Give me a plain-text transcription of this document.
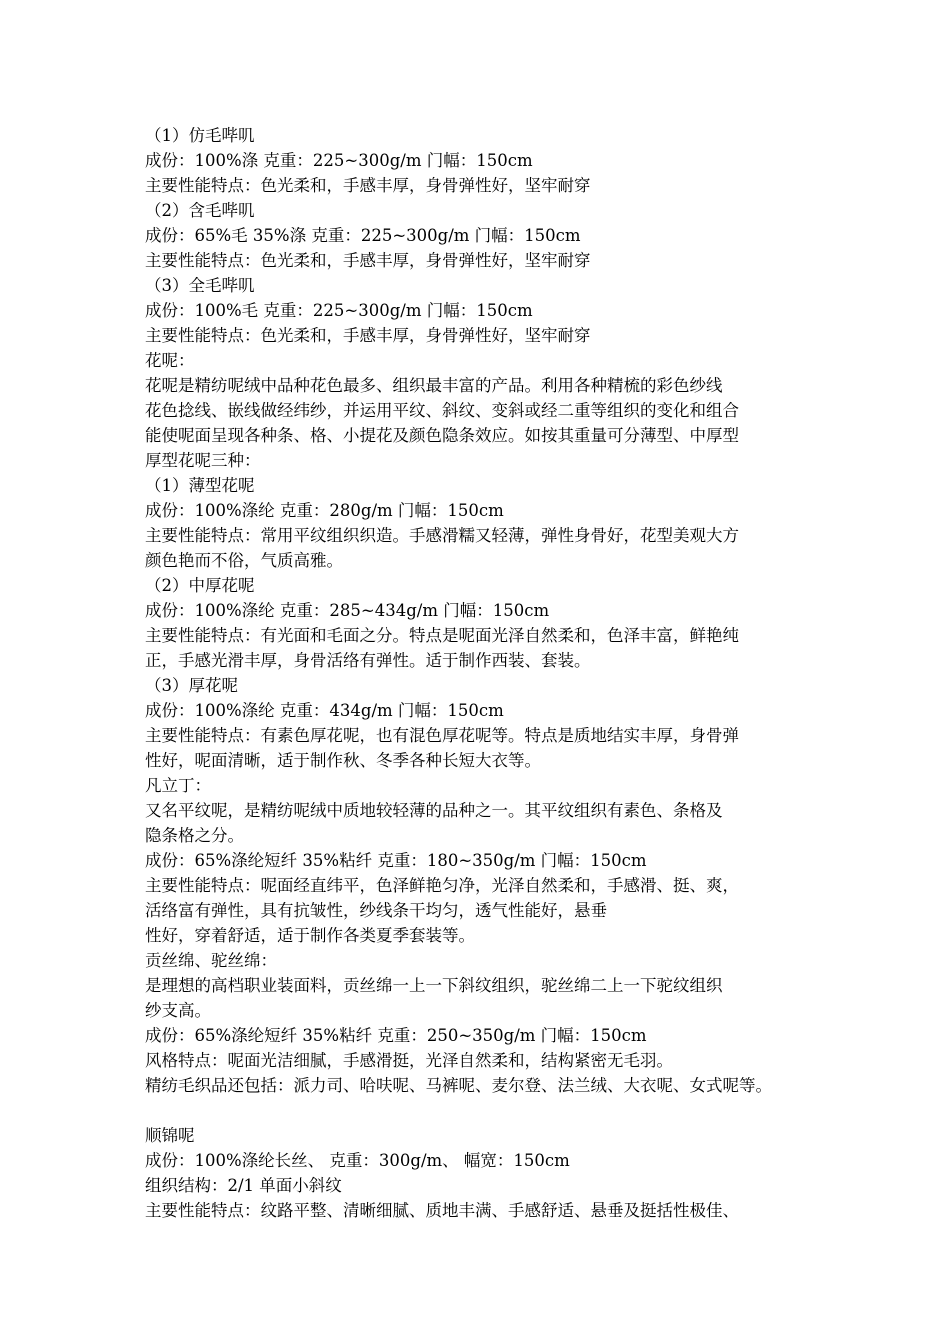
（1）仿毛哔叽
成份：100%涤 克重：225~300g/m 门幅：150cm
主要性能特点：色光柔和，手感丰厚，身骨弹性好，坚牢耐穿
（2）含毛哔叽
成份：65%毛 35%涤 克重：225~300g/m 门幅：150cm
主要性能特点：色光柔和，手感丰厚，身骨弹性好，坚牢耐穿
（3）全毛哔叽
成份：100%毛 克重：225~300g/m 门幅：150cm
主要性能特点：色光柔和，手感丰厚，身骨弹性好，坚牢耐穿
花呢：
花呢是精纺呢绒中品种花色最多、组织最丰富的产品。利用各种精梳的彩色纱线
花色捻线、嵌线做经纬纱，并运用平纹、斜纹、变斜或经二重等组织的变化和组合
能使呢面呈现各种条、格、小提花及颜色隐条效应。如按其重量可分薄型、中厚型
厚型花呢三种：
（1）薄型花呢
成份：100%涤纶 克重：280g/m 门幅：150cm
主要性能特点：常用平纹组织织造。手感滑糯又轻薄，弹性身骨好，花型美观大方
颜色艳而不俗，气质高雅。
（2）中厚花呢
成份：100%涤纶 克重：285~434g/m 门幅：150cm
主要性能特点：有光面和毛面之分。特点是呢面光泽自然柔和，色泽丰富，鲜艳纯
正，手感光滑丰厚，身骨活络有弹性。适于制作西装、套装。
（3）厚花呢
成份：100%涤纶 克重：434g/m 门幅：150cm
主要性能特点：有素色厚花呢，也有混色厚花呢等。特点是质地结实丰厚，身骨弹
性好，呢面清晰，适于制作秋、冬季各种长短大衣等。
凡立丁：
又名平纹呢，是精纺呢绒中质地较轻薄的品种之一。其平纹组织有素色、条格及
隐条格之分。
成份：65%涤纶短纤 35%粘纤 克重：180~350g/m 门幅：150cm
主要性能特点：呢面经直纬平，色泽鲜艳匀净，光泽自然柔和，手感滑、挺、爽，
活络富有弹性，具有抗皱性，纱线条干均匀，透气性能好，悬垂
性好，穿着舒适，适于制作各类夏季套装等。
贡丝绵、驼丝绵：
是理想的高档职业装面料，贡丝绵一上一下斜纹组织，驼丝绵二上一下驼纹组织
纱支高。
成份：65%涤纶短纤 35%粘纤 克重：250~350g/m 门幅：150cm
风格特点：呢面光洁细腻，手感滑挺，光泽自然柔和，结构紧密无毛羽。
精纺毛织品还包括：派力司、哈呋呢、马裤呢、麦尔登、法兰绒、大衣呢、女式呢等。
顺锦呢
成份：100%涤纶长丝、 克重：300g/m、 幅宽：150cm
组织结构：2/1 单面小斜纹
主要性能特点：纹路平整、清晰细腻、质地丰满、手感舒适、悬垂及挺括性极佳、
